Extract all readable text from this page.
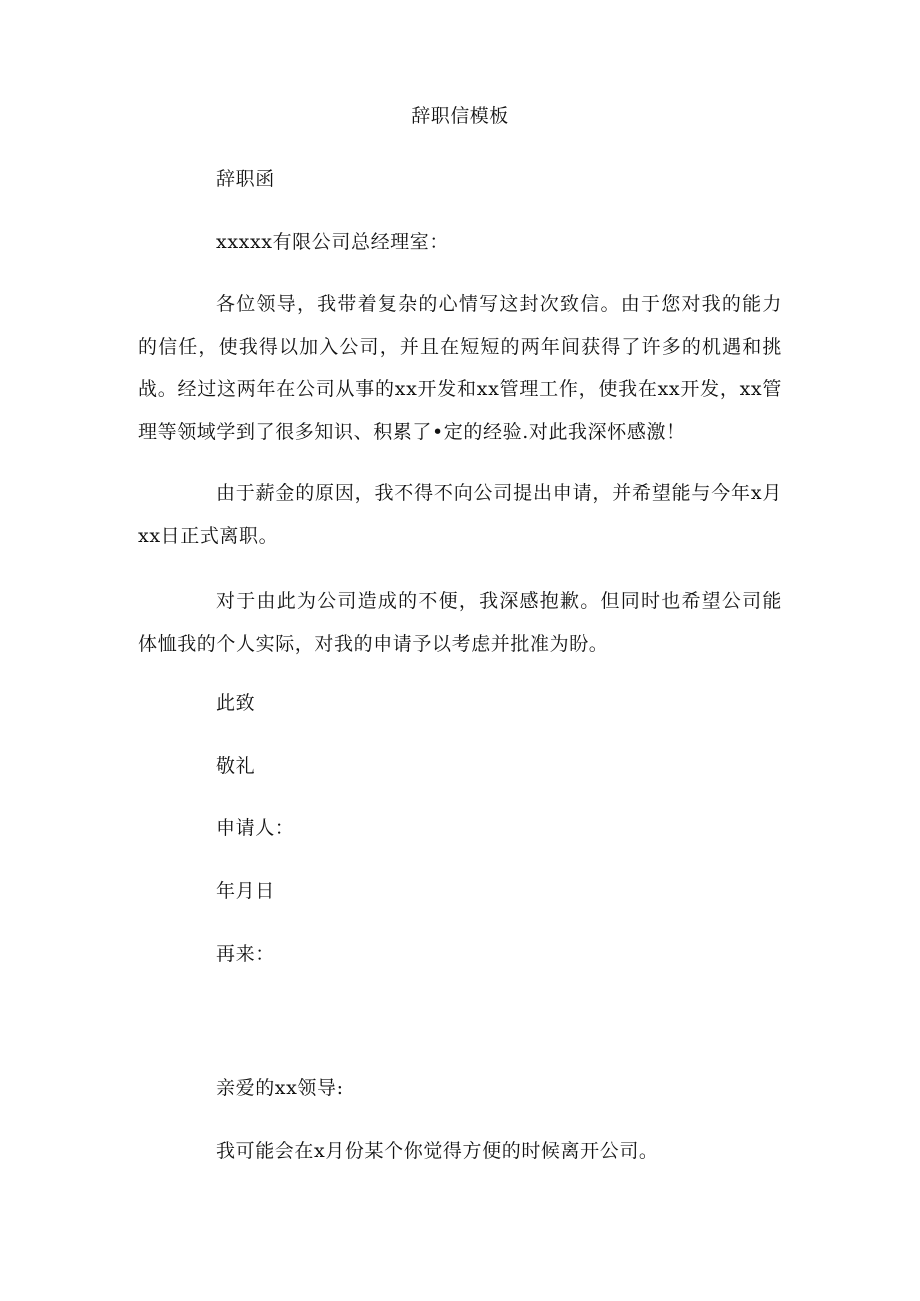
辞职信模板
辞职函
xxxxx有限公司总经理室：
各位领导，我带着复杂的心情写这封次致信。由于您对我的能力的信任，使我得以加入公司，并且在短短的两年间获得了许多的机遇和挑战。经过这两年在公司从事的xx开发和xx管理工作，使我在xx开发，xx管理等领域学到了很多知识、积累了•定的经验.对此我深怀感激！
由于薪金的原因，我不得不向公司提出申请，并希望能与今年x月xx日正式离职。
对于由此为公司造成的不便，我深感抱歉。但同时也希望公司能体恤我的个人实际，对我的申请予以考虑并批准为盼。
此致
敬礼
申请人：
年月日
再来：
亲爱的xx领导:
我可能会在x月份某个你觉得方便的时候离开公司。
